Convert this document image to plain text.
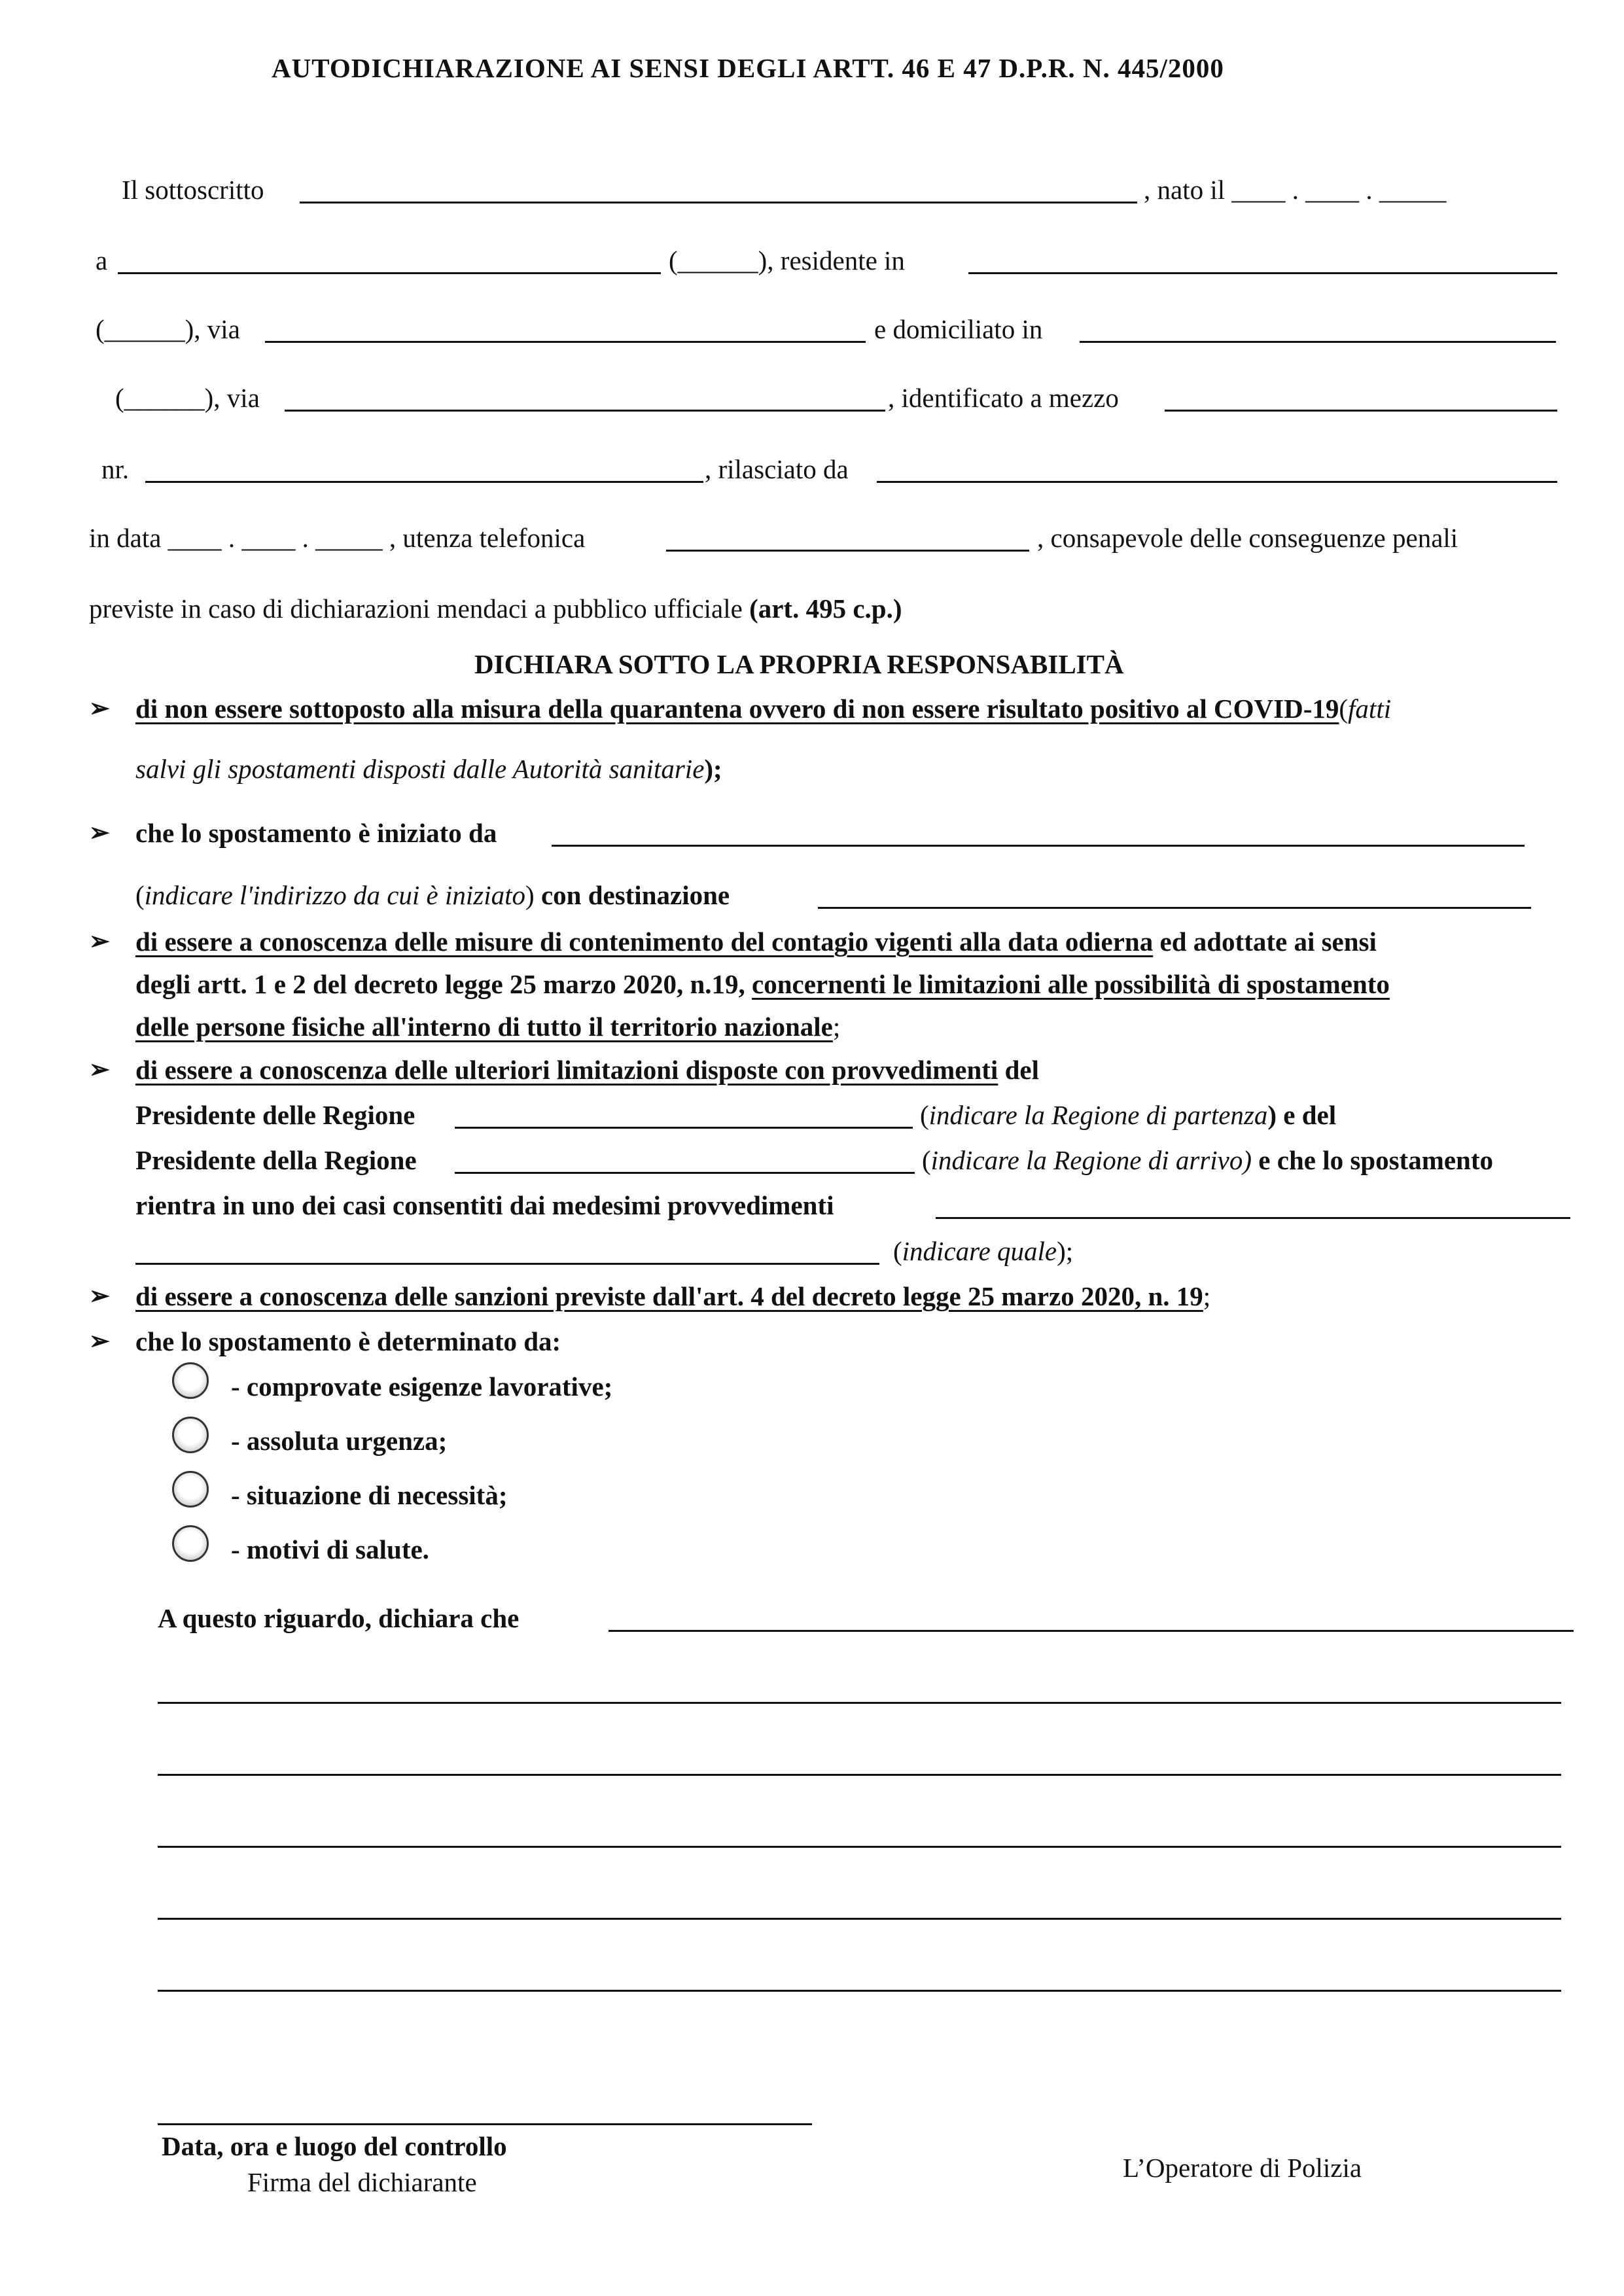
AUTODICHIARAZIONE AI SENSI DEGLI ARTT. 46 E 47 D.P.R. N. 445/2000
Il sottoscritto	, nato il ____ . ____ . _____
a	(______), residente in
(______), via	e domiciliato in
(______), via	, identificato a mezzo
nr.	, rilasciato da
in data ____ . ____ . _____ , utenza telefonica	, consapevole delle conseguenze penali
previste in caso di dichiarazioni mendaci a pubblico ufficiale (art. 495 c.p.)
DICHIARA SOTTO LA PROPRIA RESPONSABILITÀ
➢ di non essere sottoposto alla misura della quarantena ovvero di non essere risultato positivo al COVID-19(fatti
salvi gli spostamenti disposti dalle Autorità sanitarie);
➢ che lo spostamento è iniziato da
(indicare l'indirizzo da cui è iniziato) con destinazione
➢ di essere a conoscenza delle misure di contenimento del contagio vigenti alla data odierna ed adottate ai sensi
degli artt. 1 e 2 del decreto legge 25 marzo 2020, n.19, concernenti le limitazioni alle possibilità di spostamento
delle persone fisiche all'interno di tutto il territorio nazionale;
➢ di essere a conoscenza delle ulteriori limitazioni disposte con provvedimenti del
Presidente delle Regione	(indicare la Regione di partenza) e del
Presidente della Regione	(indicare la Regione di arrivo) e che lo spostamento
rientra in uno dei casi consentiti dai medesimi provvedimenti
(indicare quale);
➢ di essere a conoscenza delle sanzioni previste dall'art. 4 del decreto legge 25 marzo 2020, n. 19;
➢ che lo spostamento è determinato da:
- comprovate esigenze lavorative;
- assoluta urgenza;
- situazione di necessità;
- motivi di salute.
A questo riguardo, dichiara che
Data, ora e luogo del controllo
Firma del dichiarante	L’Operatore di Polizia
